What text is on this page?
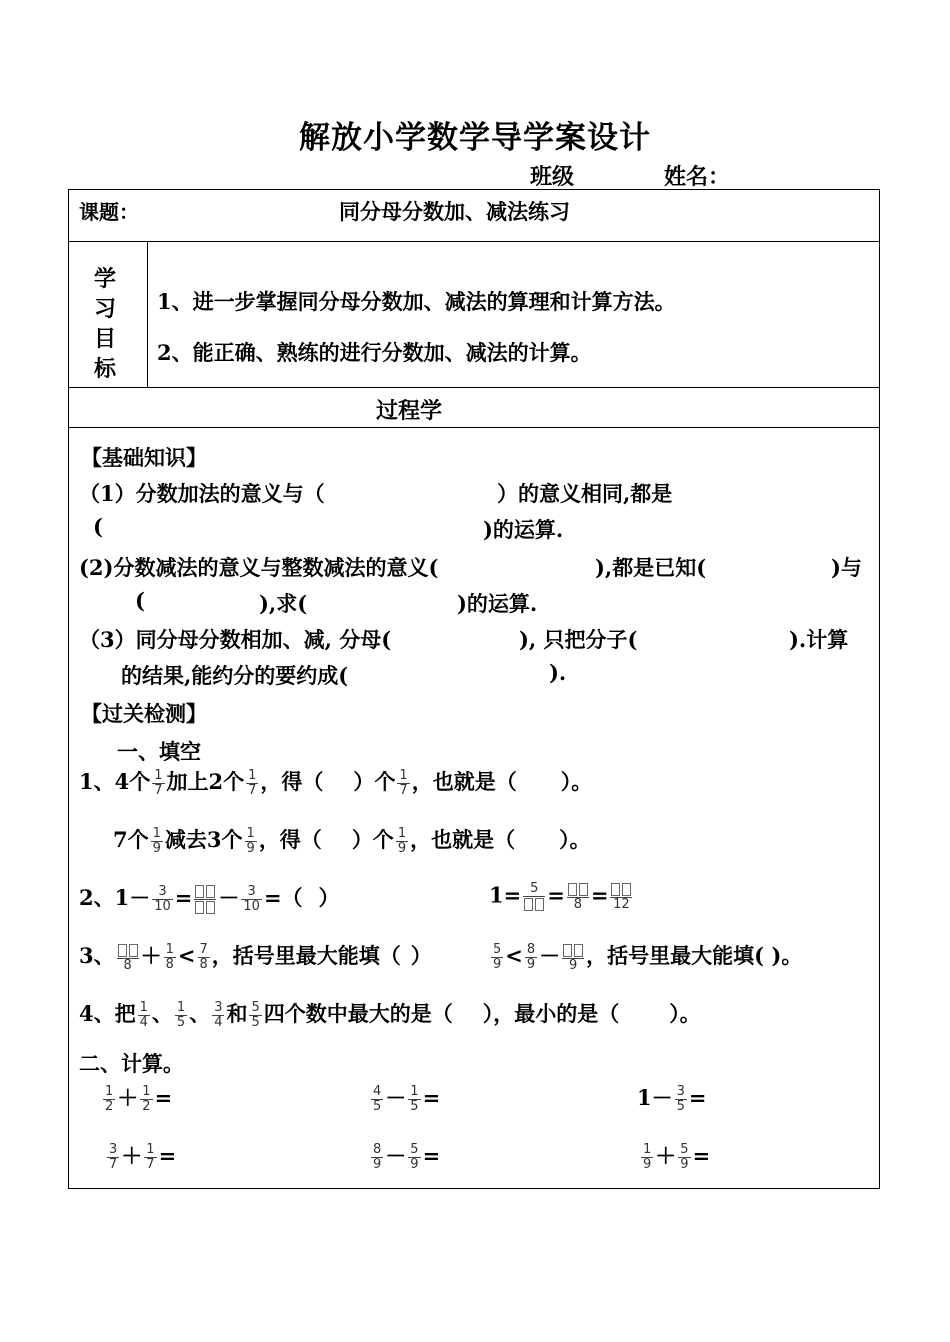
解放小学数学导学案设计
班级	姓名：
课题：	同分母分数加、减法练习
学
习
目
标
1、进一步掌握同分母分数加、减法的算理和计算方法。
2、能正确、熟练的进行分数加、减法的计算。
过程学
【基础知识】
（1）分数加法的意义与（	）的意义相同,都是
(	)的运算.
(2)分数减法的意义与整数减法的意义(	),都是已知(	)与
(	),求(	)的运算.
（3）同分母分数相加、减, 分母(	), 只把分子(	).计算
的结果,能约分的要约成(	).
【过关检测】
一、填空
1、4个 $\frac{1}{7}$ 加上2个 $\frac{1}{7}$ ，得（ ）个 $\frac{1}{7}$ ，也就是（ ）。
7个 $\frac{1}{9}$ 减去3个 $\frac{1}{9}$ ，得（ ）个 $\frac{1}{9}$ ，也就是（ ）。
2、$1- \frac{3}{10}$ = － $\frac{3}{10}$ =（ ）	1= 5 = 8 = 12
3、 $8 + \frac{1}{8} < \frac{7}{8}$ ，括号里最大能填（ ）	$\frac{5}{9} < \frac{8}{9} - 9$ ，括号里最大能填( )。
4、把 $\frac{1}{4}$ 、 $\frac{1}{5}$ 、 $\frac{3}{4}$ 和 $\frac{5}{5}$ 四个数中最大的是（ ），最小的是（ ）。
二、计算。
$\frac{1}{2} + \frac{1}{2}$ =	$\frac{4}{5} - \frac{1}{5}$ =	$1- \frac{3}{5}$ =
$\frac{3}{7} + \frac{1}{7}$ =	$\frac{8}{9} - \frac{5}{9}$ =	$\frac{1}{9} + \frac{5}{9}$ =
